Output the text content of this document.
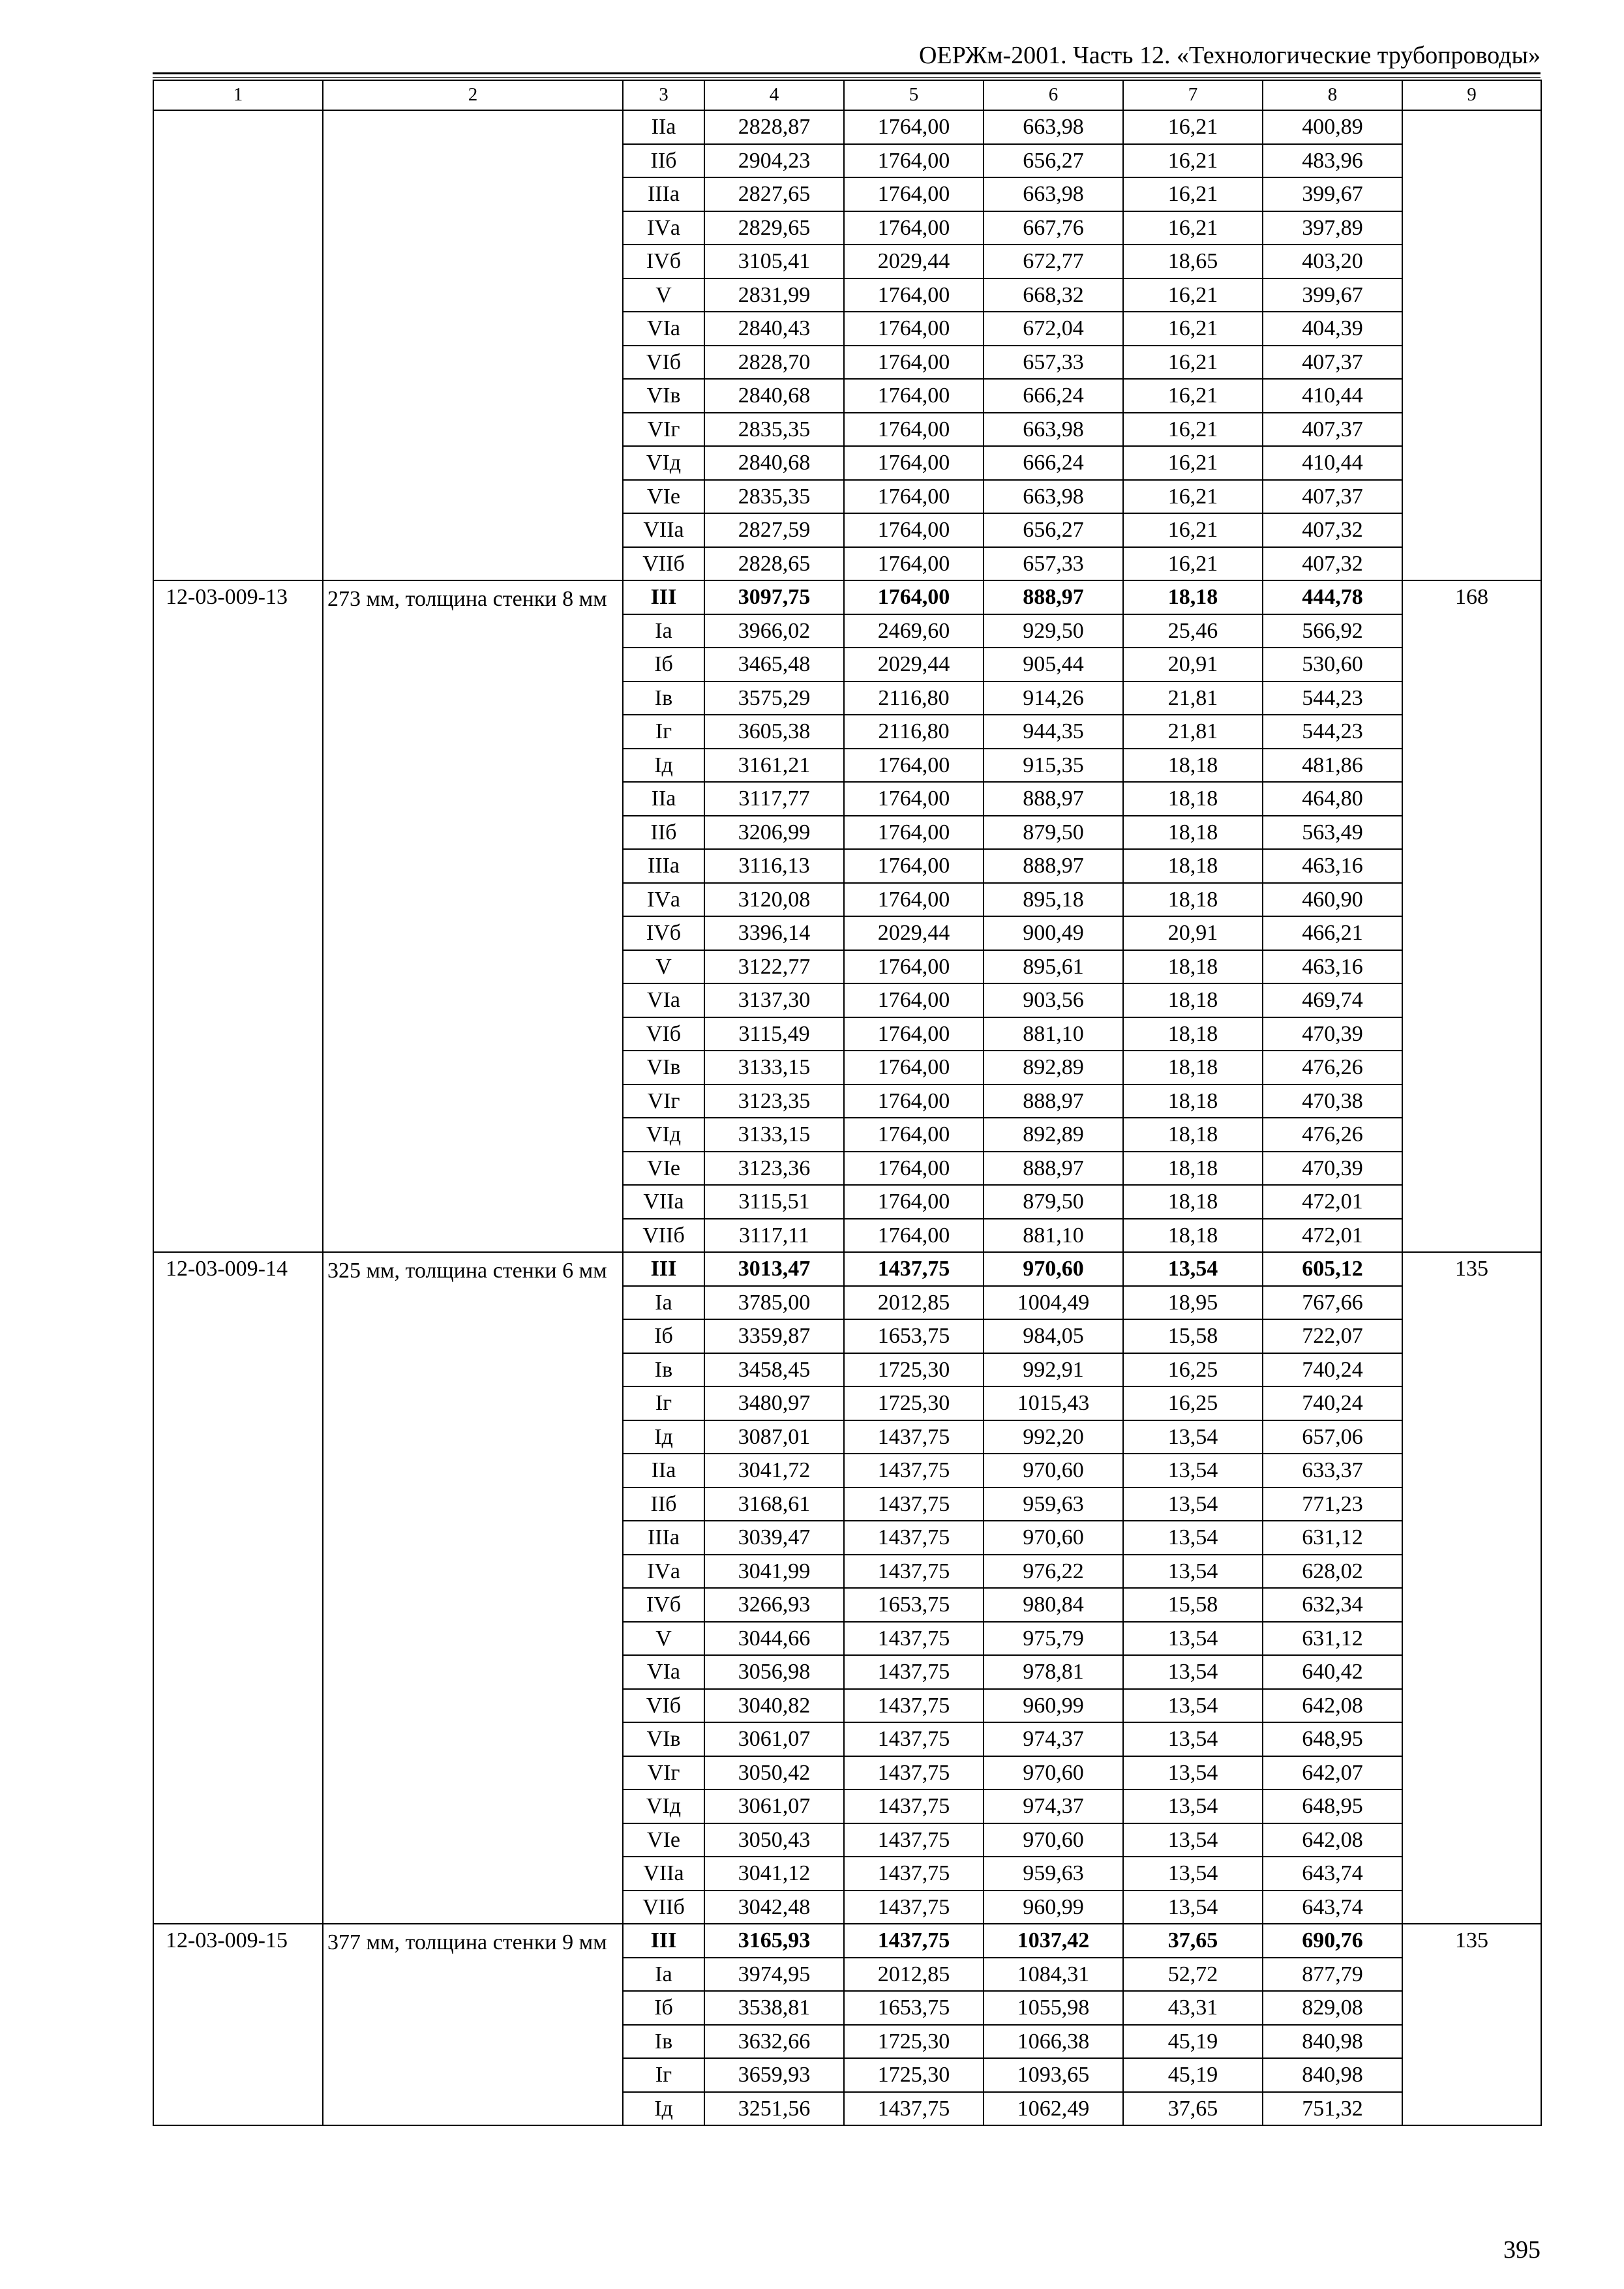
ОЕРЖм-2001. Часть 12. «Технологические трубопроводы»
1	2	3	4	5	6	7	8	9
		IIа	2828,87	1764,00	663,98	16,21	400,89	
		IIб	2904,23	1764,00	656,27	16,21	483,96	
		IIIа	2827,65	1764,00	663,98	16,21	399,67	
		IVа	2829,65	1764,00	667,76	16,21	397,89	
		IVб	3105,41	2029,44	672,77	18,65	403,20	
		V	2831,99	1764,00	668,32	16,21	399,67	
		VIа	2840,43	1764,00	672,04	16,21	404,39	
		VIб	2828,70	1764,00	657,33	16,21	407,37	
		VIв	2840,68	1764,00	666,24	16,21	410,44	
		VIг	2835,35	1764,00	663,98	16,21	407,37	
		VIд	2840,68	1764,00	666,24	16,21	410,44	
		VIе	2835,35	1764,00	663,98	16,21	407,37	
		VIIа	2827,59	1764,00	656,27	16,21	407,32	
		VIIб	2828,65	1764,00	657,33	16,21	407,32	
12-03-009-13	273 мм, толщина стенки 8 мм	III	3097,75	1764,00	888,97	18,18	444,78	168
		Iа	3966,02	2469,60	929,50	25,46	566,92	
		Iб	3465,48	2029,44	905,44	20,91	530,60	
		Iв	3575,29	2116,80	914,26	21,81	544,23	
		Iг	3605,38	2116,80	944,35	21,81	544,23	
		Iд	3161,21	1764,00	915,35	18,18	481,86	
		IIа	3117,77	1764,00	888,97	18,18	464,80	
		IIб	3206,99	1764,00	879,50	18,18	563,49	
		IIIа	3116,13	1764,00	888,97	18,18	463,16	
		IVа	3120,08	1764,00	895,18	18,18	460,90	
		IVб	3396,14	2029,44	900,49	20,91	466,21	
		V	3122,77	1764,00	895,61	18,18	463,16	
		VIа	3137,30	1764,00	903,56	18,18	469,74	
		VIб	3115,49	1764,00	881,10	18,18	470,39	
		VIв	3133,15	1764,00	892,89	18,18	476,26	
		VIг	3123,35	1764,00	888,97	18,18	470,38	
		VIд	3133,15	1764,00	892,89	18,18	476,26	
		VIе	3123,36	1764,00	888,97	18,18	470,39	
		VIIа	3115,51	1764,00	879,50	18,18	472,01	
		VIIб	3117,11	1764,00	881,10	18,18	472,01	
12-03-009-14	325 мм, толщина стенки 6 мм	III	3013,47	1437,75	970,60	13,54	605,12	135
		Iа	3785,00	2012,85	1004,49	18,95	767,66	
		Iб	3359,87	1653,75	984,05	15,58	722,07	
		Iв	3458,45	1725,30	992,91	16,25	740,24	
		Iг	3480,97	1725,30	1015,43	16,25	740,24	
		Iд	3087,01	1437,75	992,20	13,54	657,06	
		IIа	3041,72	1437,75	970,60	13,54	633,37	
		IIб	3168,61	1437,75	959,63	13,54	771,23	
		IIIа	3039,47	1437,75	970,60	13,54	631,12	
		IVа	3041,99	1437,75	976,22	13,54	628,02	
		IVб	3266,93	1653,75	980,84	15,58	632,34	
		V	3044,66	1437,75	975,79	13,54	631,12	
		VIа	3056,98	1437,75	978,81	13,54	640,42	
		VIб	3040,82	1437,75	960,99	13,54	642,08	
		VIв	3061,07	1437,75	974,37	13,54	648,95	
		VIг	3050,42	1437,75	970,60	13,54	642,07	
		VIд	3061,07	1437,75	974,37	13,54	648,95	
		VIе	3050,43	1437,75	970,60	13,54	642,08	
		VIIа	3041,12	1437,75	959,63	13,54	643,74	
		VIIб	3042,48	1437,75	960,99	13,54	643,74	
12-03-009-15	377 мм, толщина стенки 9 мм	III	3165,93	1437,75	1037,42	37,65	690,76	135
		Iа	3974,95	2012,85	1084,31	52,72	877,79	
		Iб	3538,81	1653,75	1055,98	43,31	829,08	
		Iв	3632,66	1725,30	1066,38	45,19	840,98	
		Iг	3659,93	1725,30	1093,65	45,19	840,98	
		Iд	3251,56	1437,75	1062,49	37,65	751,32	
395
